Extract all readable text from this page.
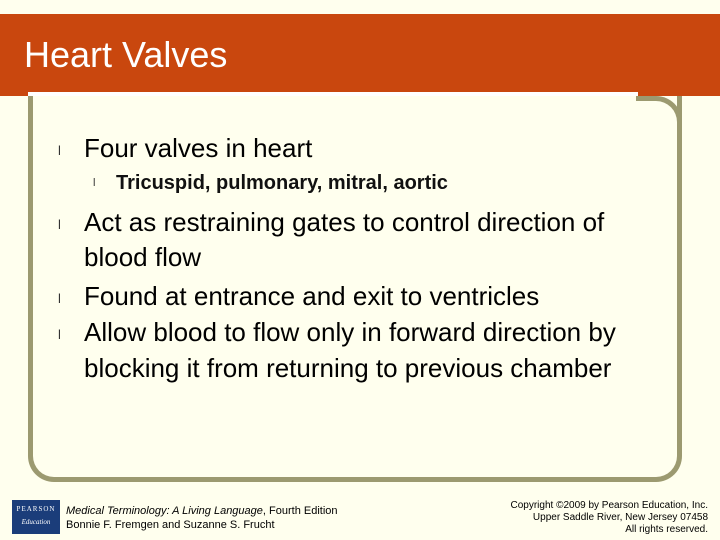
Heart Valves
l Four valves in heart
l Tricuspid, pulmonary, mitral, aortic
l Act as restraining gates to control direction of
blood flow
l Found at entrance and exit to ventricles
l Allow blood to flow only in forward direction by
blocking it from returning to previous chamber
PEARSON
Education
Medical Terminology: A Living Language, Fourth Edition
Bonnie F. Fremgen and Suzanne S. Frucht
Copyright ©2009 by Pearson Education, Inc.
Upper Saddle River, New Jersey 07458
All rights reserved.
